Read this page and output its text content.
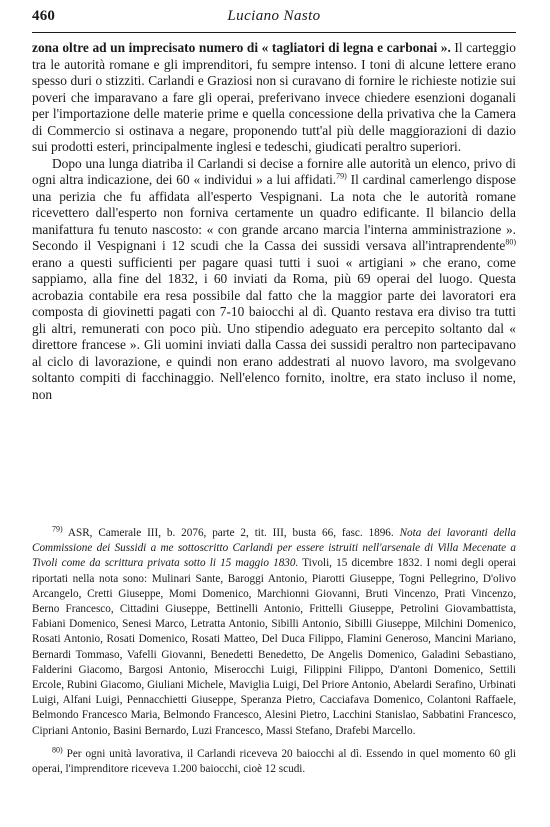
460	Luciano Nasto

zona oltre ad un imprecisato numero di « tagliatori di legna e carbonai ». Il carteggio tra le autorità romane e gli imprenditori, fu sempre intenso. I toni di alcune lettere erano spesso duri o stizziti. Carlandi e Graziosi non si curavano di fornire le richieste notizie sui poveri che imparavano a fare gli operai, preferivano invece chiedere esenzioni doganali per l'importazione delle materie prime e quella concessione della privativa che la Camera di Commercio si ostinava a negare, proponendo tutt'al più delle maggiorazioni di dazio sui prodotti esteri, principalmente inglesi e tedeschi, giudicati peraltro superiori.

Dopo una lunga diatriba il Carlandi si decise a fornire alle autorità un elenco, privo di ogni altra indicazione, dei 60 « individui » a lui affidati.$^{79)}$ Il cardinal camerlengo dispose una perizia che fu affidata all'esperto Vespignani. La nota che le autorità romane ricevettero dall'esperto non forniva certamente un quadro edificante. Il bilancio della manifattura fu tenuto nascosto: « con grande arcano marcia l'interna amministrazione ». Secondo il Vespignani i 12 scudi che la Cassa dei sussidi versava all'intraprendente$^{80)}$ erano a questi sufficienti per pagare quasi tutti i suoi « artigiani » che erano, come sappiamo, alla fine del 1832, i 60 inviati da Roma, più 69 operai del luogo. Questa acrobazia contabile era resa possibile dal fatto che la maggior parte dei lavoratori era composta di giovinetti pagati con 7-10 baiocchi al dì. Quanto restava era diviso tra tutti gli altri, remunerati con poco più. Uno stipendio adeguato era percepito soltanto dal « direttore francese ». Gli uomini inviati dalla Cassa dei sussidi peraltro non partecipavano al ciclo di lavorazione, e quindi non erano addestrati al nuovo lavoro, ma svolgevano soltanto compiti di facchinaggio. Nell'elenco fornito, inoltre, era stato incluso il nome, non

$^{79)}$ ASR, Camerale III, b. 2076, parte 2, tit. III, busta 66, fasc. 1896. Nota dei lavoranti della Commissione dei Sussidi a me sottoscritto Carlandi per essere istruiti nell'arsenale di Villa Mecenate a Tivoli come da scrittura privata sotto li 15 maggio 1830. Tivoli, 15 dicembre 1832. I nomi degli operai riportati nella nota sono: Mulinari Sante, Baroggi Antonio, Piarotti Giuseppe, Togni Pellegrino, D'olivo Arcangelo, Cretti Giuseppe, Momi Domenico, Marchionni Giovanni, Bruti Vincenzo, Prati Vincenzo, Berno Francesco, Cittadini Giuseppe, Bettinelli Antonio, Frittelli Giuseppe, Petrolini Giovambattista, Fabiani Domenico, Senesi Marco, Letratta Antonio, Sibilli Antonio, Sibilli Giuseppe, Milchini Domenico, Rosati Antonio, Rosati Domenico, Rosati Matteo, Del Duca Filippo, Flamini Generoso, Mancini Mariano, Bernardi Tommaso, Vafelli Giovanni, Benedetti Benedetto, De Angelis Domenico, Galadini Sebastiano, Falderini Giacomo, Bargosi Antonio, Miserocchi Luigi, Filippini Filippo, D'antoni Domenico, Settili Ercole, Rubini Giacomo, Giuliani Michele, Maviglia Luigi, Del Priore Antonio, Abelardi Serafino, Urbinati Luigi, Alfani Luigi, Pennacchietti Giuseppe, Speranza Pietro, Cacciafava Domenico, Colantoni Raffaele, Belmondo Francesco Maria, Belmondo Francesco, Alesini Pietro, Lacchini Stanislao, Sabbatini Francesco, Cipriani Antonio, Basini Bernardo, Luzi Francesco, Massi Stefano, Drafebi Marcello.

$^{80)}$ Per ogni unità lavorativa, il Carlandi riceveva 20 baiocchi al dì. Essendo in quel momento 60 gli operai, l'imprenditore riceveva 1.200 baiocchi, cioè 12 scudi.
